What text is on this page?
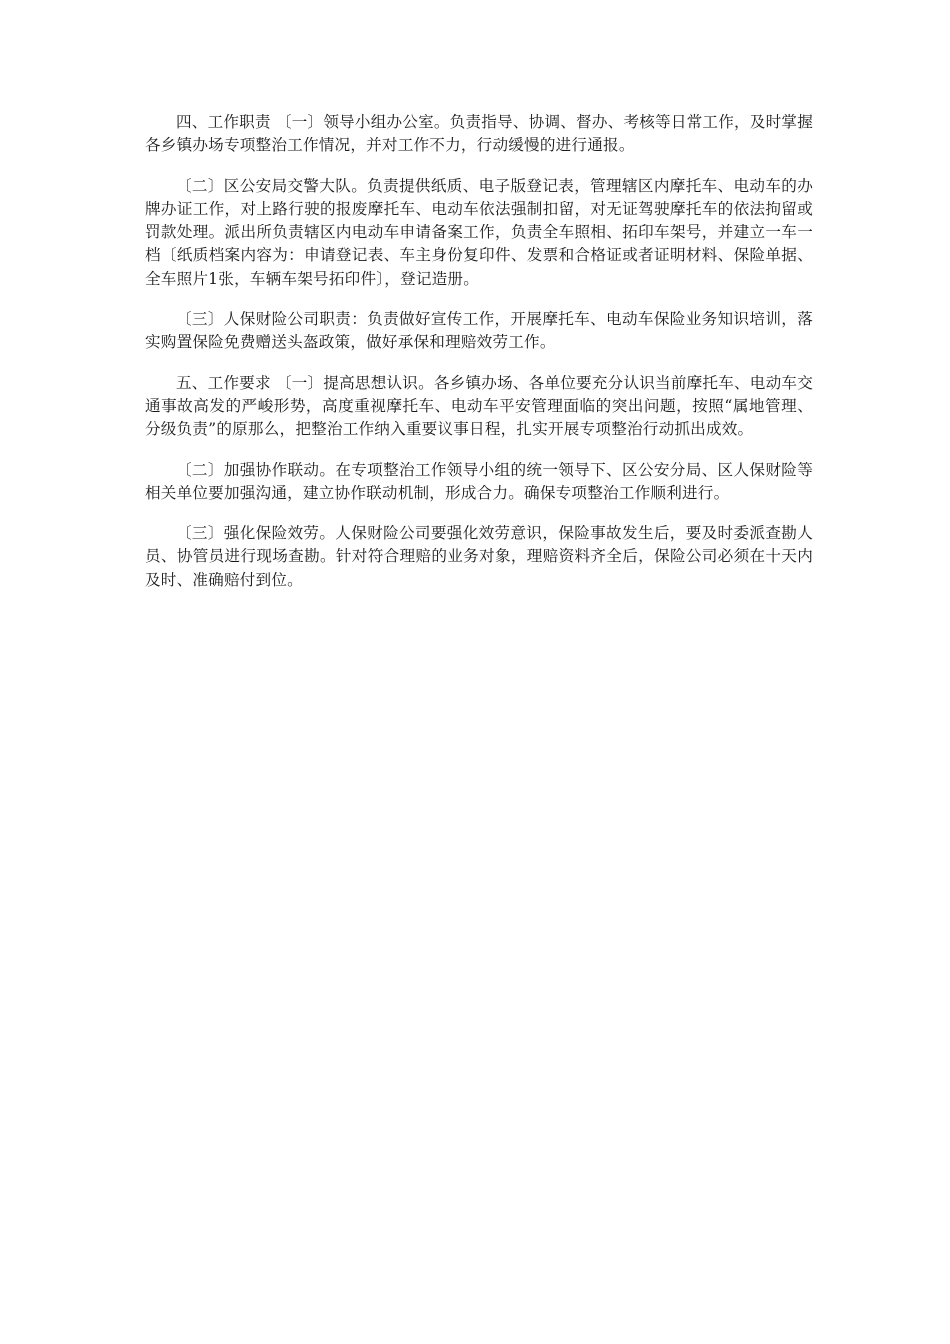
四、工作职责 〔一〕领导小组办公室。负责指导、协调、督办、考核等日常工作，及时掌握各乡镇办场专项整治工作情况，并对工作不力，行动缓慢的进行通报。

〔二〕区公安局交警大队。负责提供纸质、电子版登记表，管理辖区内摩托车、电动车的办牌办证工作，对上路行驶的报废摩托车、电动车依法强制扣留，对无证驾驶摩托车的依法拘留或罚款处理。派出所负责辖区内电动车申请备案工作，负责全车照相、拓印车架号，并建立一车一档〔纸质档案内容为：申请登记表、车主身份复印件、发票和合格证或者证明材料、保险单据、全车照片1张，车辆车架号拓印件〕，登记造册。

〔三〕人保财险公司职责：负责做好宣传工作，开展摩托车、电动车保险业务知识培训，落实购置保险免费赠送头盔政策，做好承保和理赔效劳工作。

五、工作要求 〔一〕提高思想认识。各乡镇办场、各单位要充分认识当前摩托车、电动车交通事故高发的严峻形势，高度重视摩托车、电动车平安管理面临的突出问题，按照“属地管理、分级负责”的原那么，把整治工作纳入重要议事日程，扎实开展专项整治行动抓出成效。

〔二〕加强协作联动。在专项整治工作领导小组的统一领导下、区公安分局、区人保财险等相关单位要加强沟通，建立协作联动机制，形成合力。确保专项整治工作顺利进行。

〔三〕强化保险效劳。人保财险公司要强化效劳意识，保险事故发生后，要及时委派查勘人员、协管员进行现场查勘。针对符合理赔的业务对象，理赔资料齐全后，保险公司必须在十天内及时、准确赔付到位。
